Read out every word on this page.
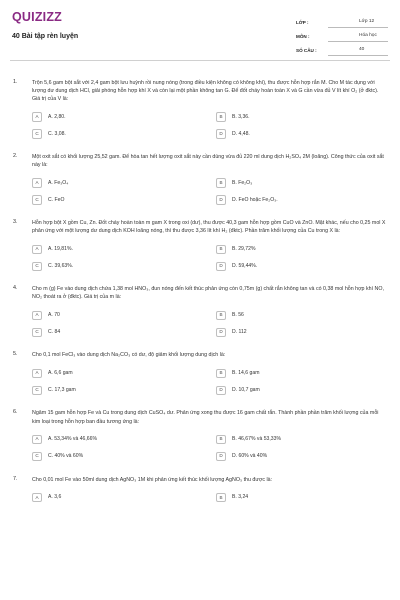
QUIZIZZ
40 Bài tập rèn luyện
LỚP :	Lớp 12
MÔN :	Hóa học
SỐ CÂU :	40
1.	Trộn 5,6 gam bột sắt với 2,4 gam bột lưu huỳnh rồi nung nóng (trong điều kiện không có không khí), thu được hỗn hợp rắn M. Cho M tác dụng với lượng dư dung dịch HCl, giải phóng hỗn hợp khí X và còn lại một phần không tan G. Để đốt cháy hoàn toàn X và G cần vừa đủ V lít khí O₂ (ở đktc). Giá trị của V là:
A	A. 2,80.	B	B. 3,36.
C	C. 3,08.	D	D. 4,48.
2.	Một oxit sắt có khối lượng 25,52 gam. Để hòa tan hết lượng oxit sắt này cần dùng vừa đủ 220 ml dung dịch H₂SO₄ 2M (loãng). Công thức của oxit sắt này là:
A	A. Fe₃O₄	B	B. Fe₂O₃
C	C. FeO	D	D. FeO hoặc Fe₂O₃.
3.	Hỗn hợp bột X gồm Cu, Zn. Đốt cháy hoàn toàn m gam X trong oxi (dư), thu được 40,3 gam hỗn hợp gồm CuO và ZnO. Mặt khác, nếu cho 0,25 mol X phản ứng với một lượng dư dung dịch KOH loãng nóng, thì thu được 3,36 lít khí H₂ (đktc). Phần trăm khối lượng của Cu trong X là:
A	A. 19,81%.	B	B. 29,72%
C	C. 39,63%.	D	D. 59,44%.
4.	Cho m (g) Fe vào dung dịch chứa 1,38 mol HNO₃, đun nóng đến kết thúc phản ứng còn 0,75m (g) chất rắn không tan và có 0,38 mol hỗn hợp khí NO, NO₂ thoát ra ở (đktc). Giá trị của m là:
A	A. 70	B	B. 56
C	C. 84	D	D. 112
5.	Cho 0,1 mol FeCl₃ vào dung dịch Na₂CO₃ có dư, độ giảm khối lượng dung dịch là:
A	A. 6,6 gam	B	B. 14,6 gam
C	C. 17,3 gam	D	D. 10,7 gam
6.	Ngâm 15 gam hỗn hợp Fe và Cu trong dung dịch CuSO₄ dư. Phản ứng xong thu được 16 gam chất rắn. Thành phần phần trăm khối lượng của mỗi kim loại trong hỗn hợp ban đầu tương ứng là:
A	A. 53,34% và 46,66%	B	B. 46,67% và 53,33%
C	C. 40% và 60%	D	D. 60% và 40%
7.	Cho 0,01 mol Fe vào 50ml dung dịch AgNO₃ 1M khi phản ứng kết thúc khối lượng AgNO₃ thu được là:
A	A. 3,6	B	B. 3,24
